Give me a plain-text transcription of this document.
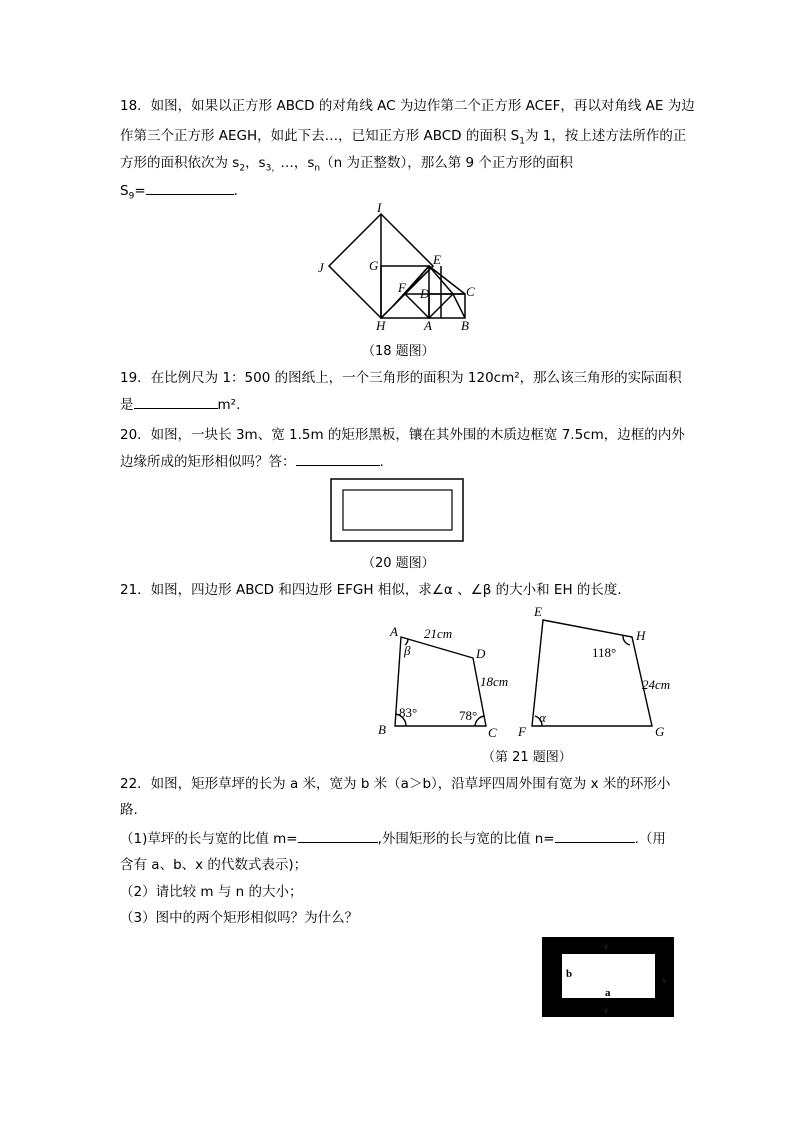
18．如图，如果以正方形 ABCD 的对角线 AC 为边作第二个正方形 ACEF，再以对角线 AE 为边
作第三个正方形 AEGH，如此下去…，已知正方形 ABCD 的面积 $S_1$为 1，按上述方法所作的正
方形的面积依次为 $s_2$，$s_{3,}\dots$，$s_n(n$ 为正整数），那么第 9 个正方形的面积
$S_9=$	.
I
J	G	E
F D	C
H	A B
（18 题图）
19．在比例尺为 1：500 的图纸上，一个三角形的面积为 120cm²，那么该三角形的实际面积
是	m².
20．如图，一块长 3m、宽 1.5m 的矩形黑板，镶在其外围的木质边框宽 7.5cm，边框的内外
边缘所成的矩形相似吗？答：	.
（20 题图）
21．如图，四边形 ABCD 和四边形 EFGH 相似，求∠α 、∠β 的大小和 EH 的长度.
A
B	C
D
E
F	G
H
21cm
18cm	24cm
β
α
83°	78°
118°
（第 21 题图）
22．如图，矩形草坪的长为 a 米，宽为 b 米（a＞b），沿草坪四周外围有宽为 x 米的环形小
路.
（1)草坪的长与宽的比值 m=	,外围矩形的长与宽的比值 n=	.（用
含有 a、b、x 的代数式表示)；
（2）请比较 m 与 n 的大小；
（3）图中的两个矩形相似吗？为什么？
x
x
x
b
a
